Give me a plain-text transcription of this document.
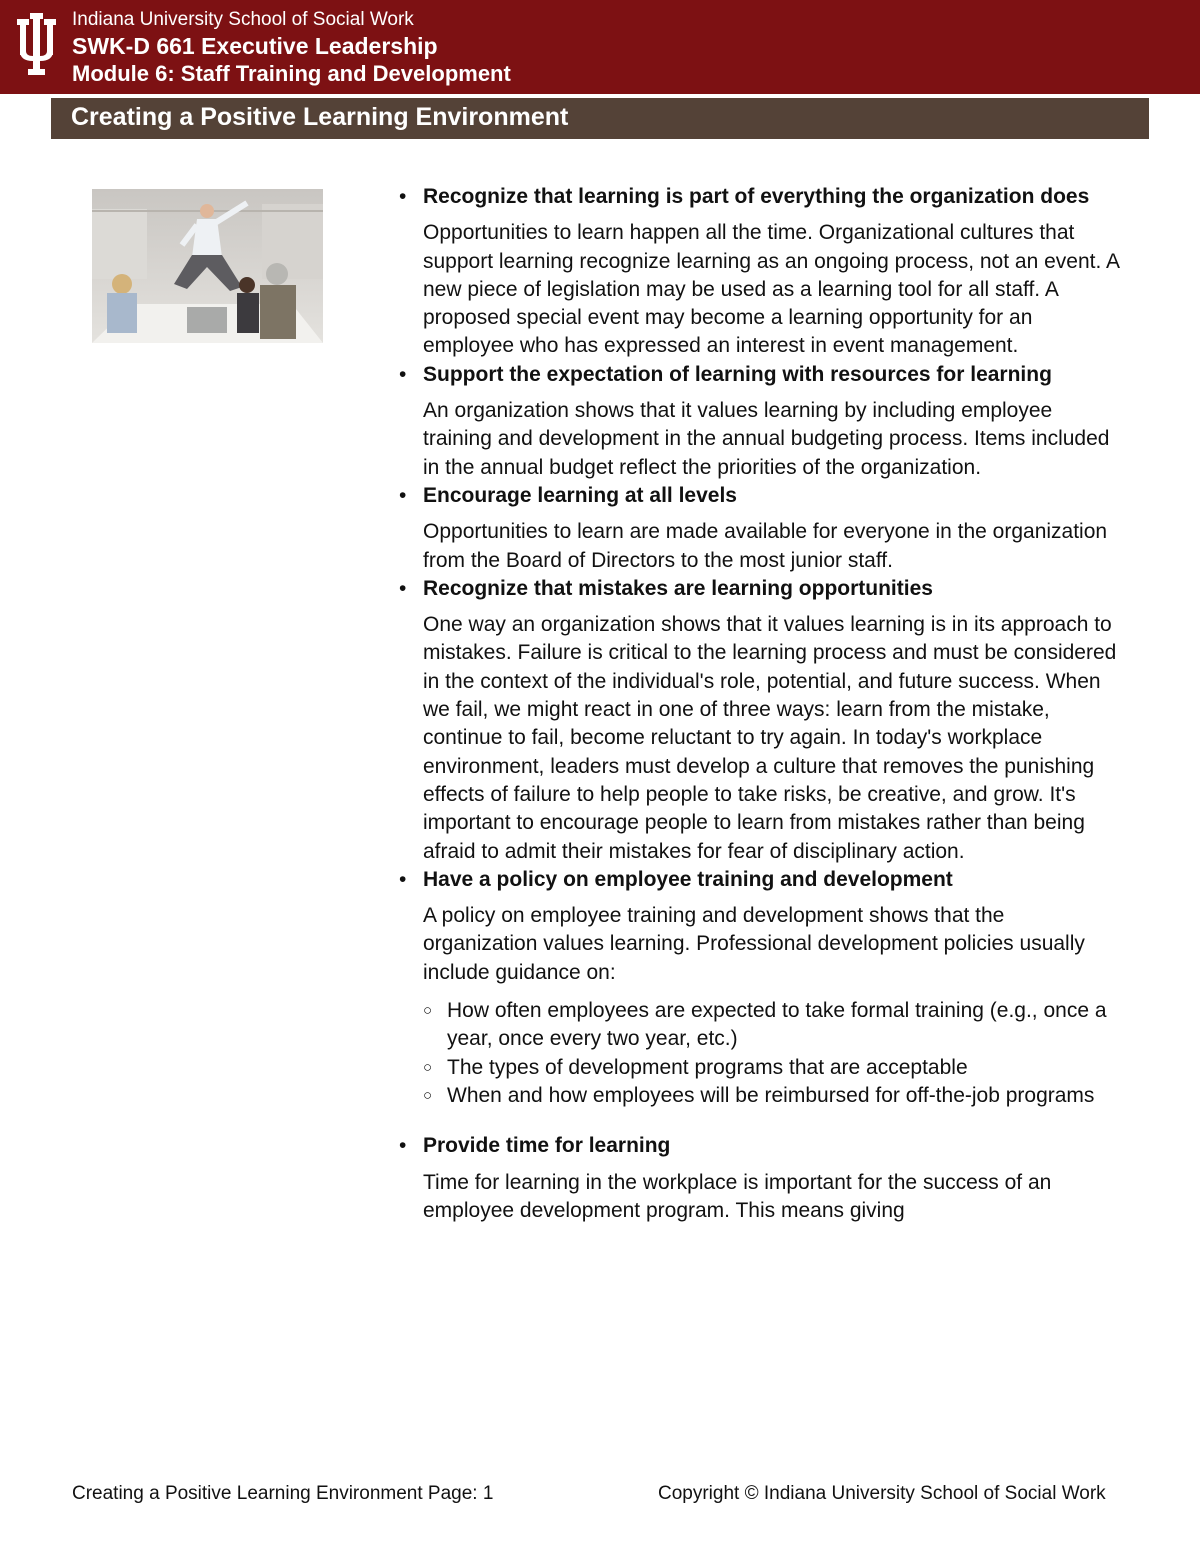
Indiana University School of Social Work
SWK-D 661 Executive Leadership
Module 6: Staff Training and Development
Creating a Positive Learning Environment
• Recognize that learning is part of everything the organization does

Opportunities to learn happen all the time. Organizational cultures that support learning recognize learning as an ongoing process, not an event. A new piece of legislation may be used as a learning tool for all staff. A proposed special event may become a learning opportunity for an employee who has expressed an interest in event management.

• Support the expectation of learning with resources for learning

An organization shows that it values learning by including employee training and development in the annual budgeting process. Items included in the annual budget reflect the priorities of the organization.

• Encourage learning at all levels

Opportunities to learn are made available for everyone in the organization from the Board of Directors to the most junior staff.

• Recognize that mistakes are learning opportunities

One way an organization shows that it values learning is in its approach to mistakes. Failure is critical to the learning process and must be considered in the context of the individual's role, potential, and future success. When we fail, we might react in one of three ways: learn from the mistake, continue to fail, become reluctant to try again. In today's workplace environment, leaders must develop a culture that removes the punishing effects of failure to help people to take risks, be creative, and grow. It's important to encourage people to learn from mistakes rather than being afraid to admit their mistakes for fear of disciplinary action.

• Have a policy on employee training and development

A policy on employee training and development shows that the organization values learning. Professional development policies usually include guidance on:

○ How often employees are expected to take formal training (e.g., once a year, once every two year, etc.)
○ The types of development programs that are acceptable
○ When and how employees will be reimbursed for off-the-job programs
• Provide time for learning

Time for learning in the workplace is important for the success of an employee development program. This means giving

Creating a Positive Learning Environment Page: 1	Copyright © Indiana University School of Social Work
